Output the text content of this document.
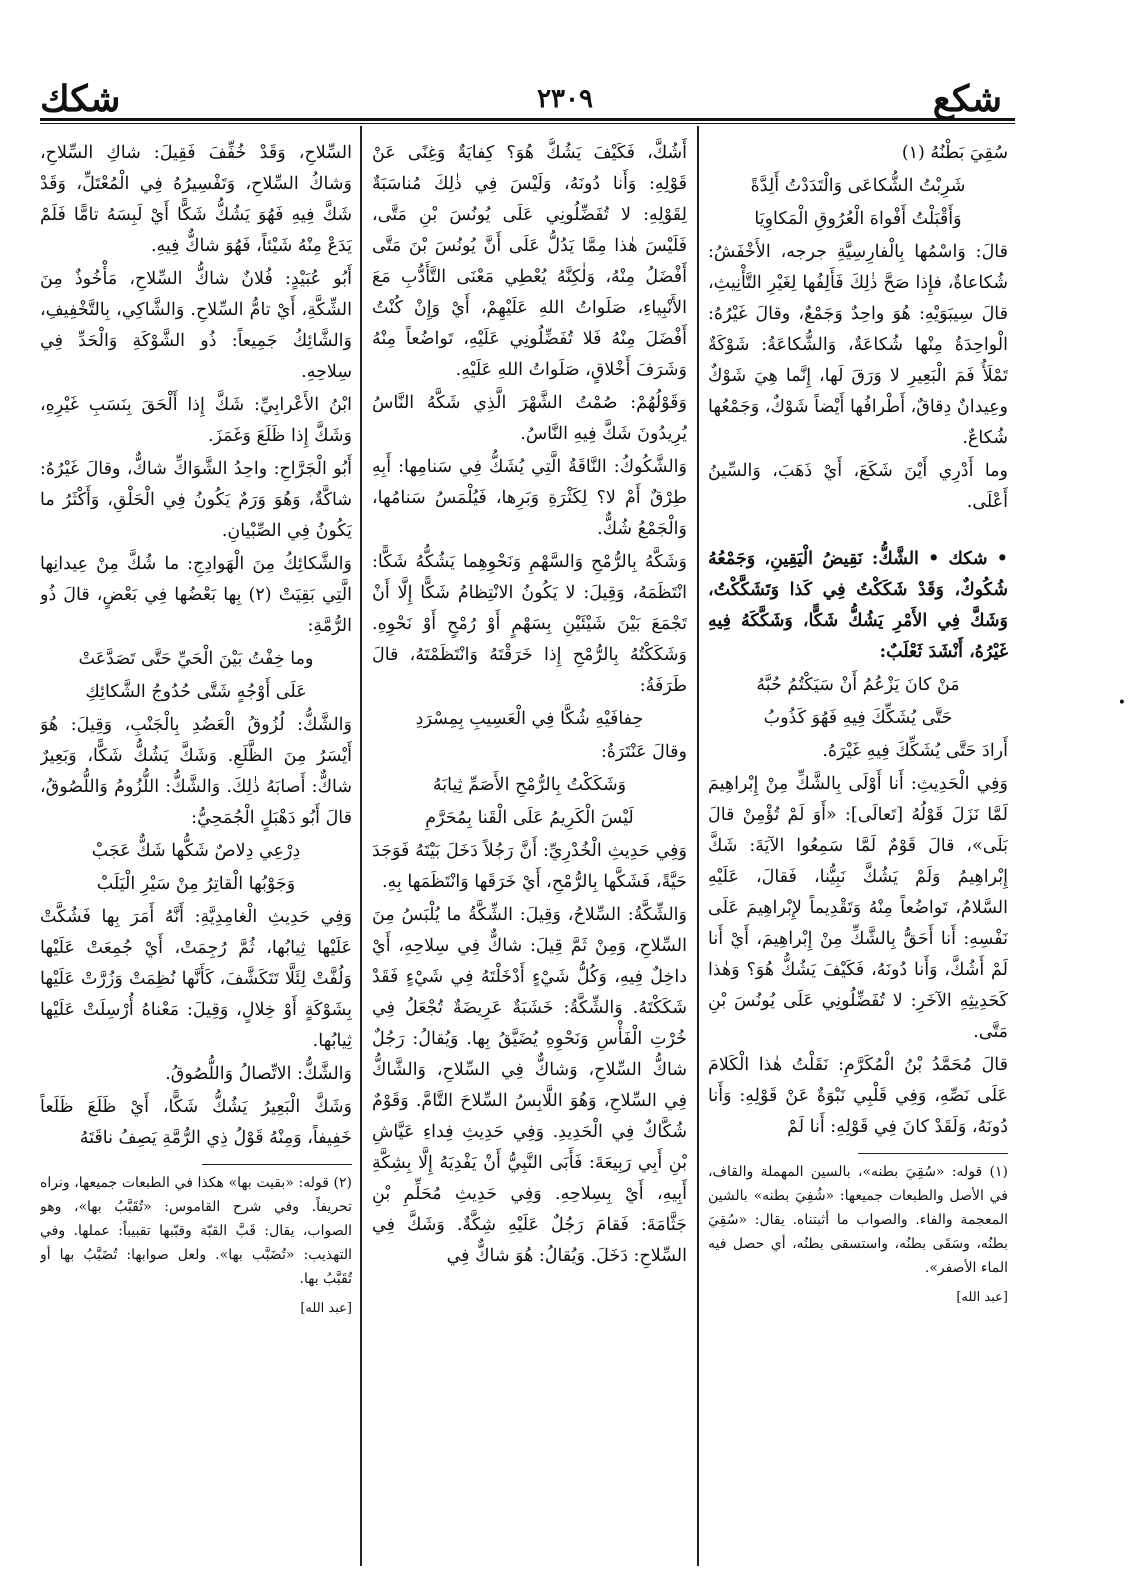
شكع
٢٣٠٩
شكك

سُقِيَ بَطْنُهُ (١)

شَرِبْتُ الشُّكاعَى وَالْتَدَدْتُ أَلِدَّةً

وَأَقْبَلْتُ أَفْواهَ الْعُرُوقِ الْمَكاوِيَا

قالَ: وَاسْمُها بِالْفارِسِيَّةِ جرجه، الأَخْفَشُ: شُكاعاةٌ، فإِذا صَحَّ ذٰلِكَ فَأَلِفُها لِغَيْرِ التَّأْنِيثِ، قالَ سِيبَوَيْهِ: هُوَ واحِدٌ وَجَمْعٌ، وقالَ غَيْرُهُ: الْواحِدَةُ مِنْها شُكاعَةٌ، وَالشُّكاعَةُ: شَوْكَةٌ تَمْلَأُ فَمَ الْبَعِيرِ لا وَرَقَ لَها، إِنَّما هِيَ شَوْكٌ وعِيدانٌ دِقاقٌ، أَطْرافُها أَيْضاً شَوْكٌ، وَجَمْعُها شُكاعٌ.

وما أَدْرِي أَيْنَ شَكَعَ، أَيْ ذَهَبَ، وَالسِّينُ أَعْلَى.

• شكك • الشَّكُّ: نَقِيضُ الْيَقِينِ، وَجَمْعُهُ شُكُوكٌ، وَقَدْ شَكَكْتُ فِي كَذا وَتَشَكَّكْتُ، وَشَكَّ فِي الأَمْرِ يَشُكُّ شَكًّا، وَشَكَّكَهُ فِيهِ غَيْرُهُ، أَنْشَدَ ثَعْلَبٌ:

مَنْ كانَ يَزْعُمُ أَنْ سَيَكْتُمُ حُبَّهُ

حَتَّى يُشَكِّكَ فِيهِ فَهُوَ كَذُوبُ

أَرادَ حَتَّى يُشَكِّكَ فِيهِ غَيْرَهُ.

وَفِي الْحَدِيثِ: أَنا أَوْلَى بِالشَّكِّ مِنْ إِبْراهِيمَ لَمَّا نَزَلَ قَوْلُهُ [تَعالَى]: «أَوَ لَمْ تُؤْمِنْ قالَ بَلَى»، قالَ قَوْمٌ لَمَّا سَمِعُوا الآيَةَ: شَكَّ إِبْراهِيمُ وَلَمْ يَشُكَّ نَبِيُّنا، فَقالَ، عَلَيْهِ السَّلامُ، تَواضُعاً مِنْهُ وَتَقْدِيماً لإِبْراهِيمَ عَلَى نَفْسِهِ: أَنا أَحَقُّ بِالشَّكِّ مِنْ إِبْراهِيمَ، أَيْ أَنا لَمْ أَشُكَّ، وَأَنا دُونَهُ، فَكَيْفَ يَشُكُّ هُوَ؟ وَهٰذا كَحَدِيثِهِ الآخَرِ: لا تُفَضِّلُونِي عَلَى يُونُسَ بْنِ مَتَّى.

قالَ مُحَمَّدُ بْنُ الْمُكَرَّمِ: نَقَلْتُ هٰذا الْكَلامَ عَلَى نَصِّهِ، وَفِي قَلْبِي نَبْوَةٌ عَنْ قَوْلِهِ: وَأَنا دُونَهُ، وَلَقَدْ كانَ فِي قَوْلِهِ: أَنا لَمْ

(١) قوله: «سُقِيَ بطنه»، بالسين المهملة والقاف، في الأصل والطبعات جميعها: «شُفِيَ بطنه» بالشين المعجمة والفاء. والصواب ما أثبتناه. يقال: «سُقِيَ بطنُه، وسَقَى بطنُه، واستسقى بطنُه، أي حصل فيه الماء الأصفر».

[عبد الله]

أَشُكَّ، فَكَيْفَ يَشُكُّ هُوَ؟ كِفايَةٌ وَغِنًى عَنْ قَوْلِهِ: وَأَنا دُونَهُ، وَلَيْسَ فِي ذٰلِكَ مُناسَبَةٌ لِقَوْلِهِ: لا تُفَضِّلُونِي عَلَى يُونُسَ بْنِ مَتَّى، فَلَيْسَ هٰذا مِمَّا يَدُلُّ عَلَى أَنَّ يُونُسَ بْنَ مَتَّى أَفْضَلُ مِنْهُ، وَلٰكِنَّهُ يُعْطِي مَعْنَى التَّأَدُّبِ مَعَ الأَنْبِياءِ، صَلَواتُ اللهِ عَلَيْهِمْ، أَيْ وَإِنْ كُنْتُ أَفْضَلَ مِنْهُ فَلا تُفَضِّلُونِي عَلَيْهِ، تَواضُعاً مِنْهُ وَشَرَفَ أَخْلاقٍ، صَلَواتُ اللهِ عَلَيْهِ.

وَقَوْلُهُمْ: صُمْتُ الشَّهْرَ الَّذِي شَكَّهُ النَّاسُ يُرِيدُونَ شَكَّ فِيهِ النَّاسُ.

وَالشَّكُوكُ: النَّاقَةُ الَّتِي يُشَكُّ فِي سَنامِها: أَبِهِ طِرْقٌ أَمْ لا؟ لِكَثْرَةِ وَبَرِها، فَيُلْمَسُ سَنامُها، وَالْجَمْعُ شُكٌّ.

وَشَكَّهُ بِالرُّمْحِ وَالسَّهْمِ وَنَحْوِهِما يَشُكُّهُ شَكًّا: انْتَظَمَهُ، وَقِيلَ: لا يَكُونُ الانْتِظامُ شَكًّا إِلَّا أَنْ تَجْمَعَ بَيْنَ شَيْئَيْنِ بِسَهْمٍ أَوْ رُمْحٍ أَوْ نَحْوِهِ. وَشَكَكْتُهُ بِالرُّمْحِ إِذا خَرَقْتَهُ وَانْتَظَمْتَهُ، قالَ طَرَفَةُ:

حِفافَيْهِ شُكَّا فِي الْعَسِيبِ بِمِسْرَدِ

وقالَ عَنْتَرَةُ:

وَشَكَكْتُ بِالرُّمْحِ الأَصَمِّ ثِيابَهُ

لَيْسَ الْكَرِيمُ عَلَى الْقَنا بِمُحَرَّمِ

وَفِي حَدِيثِ الْخُدْرِيِّ: أَنَّ رَجُلاً دَخَلَ بَيْتَهُ فَوَجَدَ حَيَّةً، فَشَكَّها بِالرُّمْحِ، أَيْ خَرَقَها وَانْتَظَمَها بِهِ.

وَالشِّكَّةُ: السِّلاحُ، وَقِيلَ: الشِّكَّةُ ما يُلْبَسُ مِنَ السِّلاحِ، وَمِنْ ثَمَّ قِيلَ: شاكٌّ فِي سِلاحِهِ، أَيْ داخِلٌ فِيهِ، وَكُلُّ شَيْءٍ أَدْخَلْتَهُ فِي شَيْءٍ فَقَدْ شَكَكْتَهُ. وَالشِّكَّةُ: خَشَبَةٌ عَرِيضَةٌ تُجْعَلُ فِي خُرْتِ الْفَأْسِ وَنَحْوِهِ يُضَيَّقُ بِها. وَيُقالُ: رَجُلٌ شاكُّ السِّلاحِ، وَشاكٌّ فِي السِّلاحِ، وَالشَّاكُّ فِي السِّلاحِ، وَهُوَ اللَّابِسُ السِّلاحَ التَّامَّ. وَقَوْمٌ شُكَّاكٌ فِي الْحَدِيدِ. وَفِي حَدِيثِ فِداءِ عَيَّاشِ بْنِ أَبِي رَبِيعَةَ: فَأَبَى النَّبِيُّ أَنْ يَفْدِيَهُ إِلَّا بِشِكَّةِ أَبِيهِ، أَيْ بِسِلاحِهِ. وَفِي حَدِيثِ مُحَلِّمِ بْنِ جَثَّامَةَ: فَقامَ رَجُلٌ عَلَيْهِ شِكَّةٌ. وَشَكَّ فِي السِّلاحِ: دَخَلَ. وَيُقالُ: هُوَ شاكٌّ فِي

السِّلاحِ، وَقَدْ خُفِّفَ فَقِيلَ: شاكِ السِّلاحِ، وَشاكُ السِّلاحِ، وَتَفْسِيرُهُ فِي الْمُعْتَلِّ، وَقَدْ شَكَّ فِيهِ فَهُوَ يَشُكُّ شَكًّا أَيْ لَبِسَهُ تامًّا فَلَمْ يَدَعْ مِنْهُ شَيْئاً، فَهُوَ شاكٌّ فِيهِ.

أَبُو عُبَيْدٍ: فُلانٌ شاكُّ السِّلاحِ، مَأْخُوذٌ مِنَ الشِّكَّةِ، أَيْ تامُّ السِّلاحِ. وَالشَّاكِي، بِالتَّخْفِيفِ، وَالشَّائِكُ جَمِيعاً: ذُو الشَّوْكَةِ وَالْحَدِّ فِي سِلاحِهِ.

ابْنُ الأَعْرابِيِّ: شَكَّ إِذا أَلْحَقَ بِنَسَبِ غَيْرِهِ، وَشَكَّ إِذا ظَلَعَ وَغَمَزَ.

أَبُو الْجَرَّاحِ: واحِدُ الشَّوَاكِّ شاكٌّ، وقالَ غَيْرُهُ: شاكَّةٌ، وَهُوَ وَرَمٌ يَكُونُ فِي الْحَلْقِ، وَأَكْثَرُ ما يَكُونُ فِي الصِّبْيانِ.

وَالشَّكائِكُ مِنَ الْهَوادِجِ: ما شُكَّ مِنْ عِيدانِها الَّتِي بَقِيَتْ (٢) بِها بَعْضُها فِي بَعْضٍ، قالَ ذُو الرُّمَّةِ:

وما خِفْتُ بَيْنَ الْحَيِّ حَتَّى تَصَدَّعَتْ

عَلَى أَوْجُهٍ شَتَّى حُدُوجُ الشَّكائِكِ

وَالشَّكُّ: لُزُوقُ الْعَضُدِ بِالْجَنْبِ، وَقِيلَ: هُوَ أَيْسَرُ مِنَ الظَّلَعِ. وَشَكَّ يَشُكُّ شَكًّا، وَبَعِيرٌ شاكٌّ: أَصابَهُ ذٰلِكَ. وَالشَّكُّ: اللُّزُومُ وَاللُّصُوقُ، قالَ أَبُو دَهْبَلٍ الْجُمَحِيُّ:

دِرْعِي دِلاصٌ شَكُّها شَكٌّ عَجَبْ

وَجَوْبُها الْقاتِرُ مِنْ سَيْرِ الْيَلَبْ

وَفِي حَدِيثِ الْغامِدِيَّةِ: أَنَّهُ أَمَرَ بِها فَشُكَّتْ عَلَيْها ثِيابُها، ثُمَّ رُجِمَتْ، أَيْ جُمِعَتْ عَلَيْها وَلُفَّتْ لِئَلَّا تَتَكَشَّفَ، كَأَنَّها نُظِمَتْ وَزُرَّتْ عَلَيْها بِشَوْكَةٍ أَوْ خِلالٍ، وَقِيلَ: مَعْناهُ أُرْسِلَتْ عَلَيْها ثِيابُها.

وَالشَّكُّ: الاتِّصالُ وَاللُّصُوقُ.

وَشَكَّ الْبَعِيرُ يَشُكُّ شَكًّا، أَيْ ظَلَعَ ظَلَعاً خَفِيفاً، وَمِنْهُ قَوْلُ ذِي الرُّمَّةِ يَصِفُ ناقَتَهُ

(٢) قوله: «بقيت بها» هكذا في الطبعات جميعها، ونراه تحريفاً. وفي شرح القاموس: «تُقَبَّبُ بها»، وهو الصواب، يقال: قَبَّ القبّة وقبّبها تقبيباً: عملها. وفي التهذيب: «تُضَبَّب بها». ولعل صوابها: تُضَبَّبُ بها أو تُقَبَّبُ بها.

[عبد الله]

•
